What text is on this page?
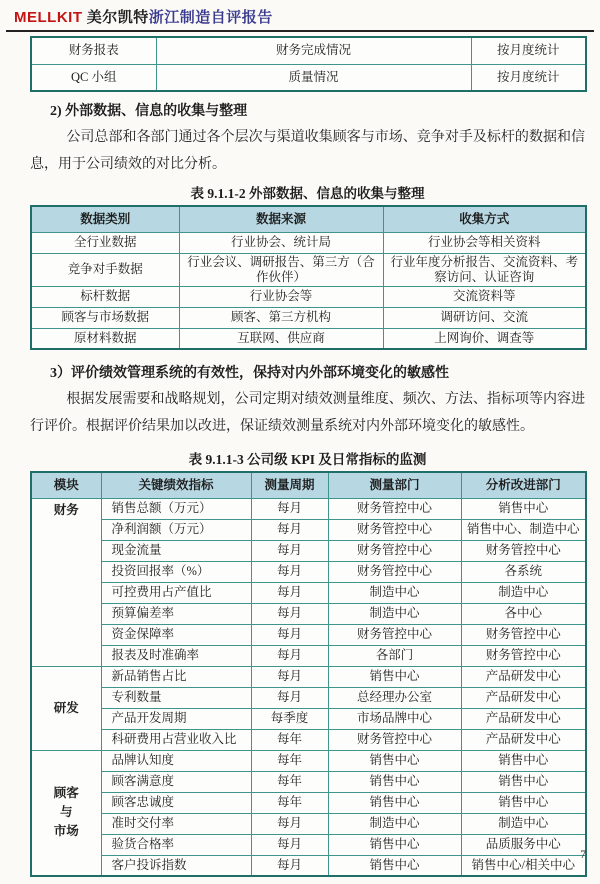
MELLKIT 美尔凯特浙江制造自评报告
财务报表	财务完成情况	按月度统计
QC 小组	质量情况	按月度统计
2) 外部数据、信息的收集与整理
公司总部和各部门通过各个层次与渠道收集顾客与市场、竞争对手及标杆的数据和信息，用于公司绩效的对比分析。
表 9.1.1-2 外部数据、信息的收集与整理
数据类别	数据来源	收集方式
全行业数据	行业协会、统计局	行业协会等相关资料
竞争对手数据	行业会议、调研报告、第三方（合作伙伴）	行业年度分析报告、交流资料、考察访问、认证咨询
标杆数据	行业协会等	交流资料等
顾客与市场数据	顾客、第三方机构	调研访问、交流
原材料数据	互联网、供应商	上网询价、调查等
3）评价绩效管理系统的有效性，保持对内外部环境变化的敏感性
根据发展需要和战略规划，公司定期对绩效测量维度、频次、方法、指标项等内容进行评价。根据评价结果加以改进，保证绩效测量系统对内外部环境变化的敏感性。
表 9.1.1-3 公司级 KPI 及日常指标的监测
模块	关键绩效指标	测量周期	测量部门	分析改进部门
财务	销售总额（万元）	每月	财务管控中心	销售中心
	净利润额（万元）	每月	财务管控中心	销售中心、制造中心
	现金流量	每月	财务管控中心	财务管控中心
	投资回报率（%）	每月	财务管控中心	各系统
	可控费用占产值比	每月	制造中心	制造中心
	预算偏差率	每月	制造中心	各中心
	资金保障率	每月	财务管控中心	财务管控中心
	报表及时准确率	每月	各部门	财务管控中心
研发	新品销售占比	每月	销售中心	产品研发中心
	专利数量	每月	总经理办公室	产品研发中心
	产品开发周期	每季度	市场品牌中心	产品研发中心
	科研费用占营业收入比	每年	财务管控中心	产品研发中心
顾客
与
市场	品牌认知度	每年	销售中心	销售中心
	顾客满意度	每年	销售中心	销售中心
	顾客忠诚度	每年	销售中心	销售中心
	准时交付率	每月	制造中心	制造中心
	验货合格率	每月	销售中心	品质服务中心
	客户投诉指数	每月	销售中心	销售中心/相关中心
7
